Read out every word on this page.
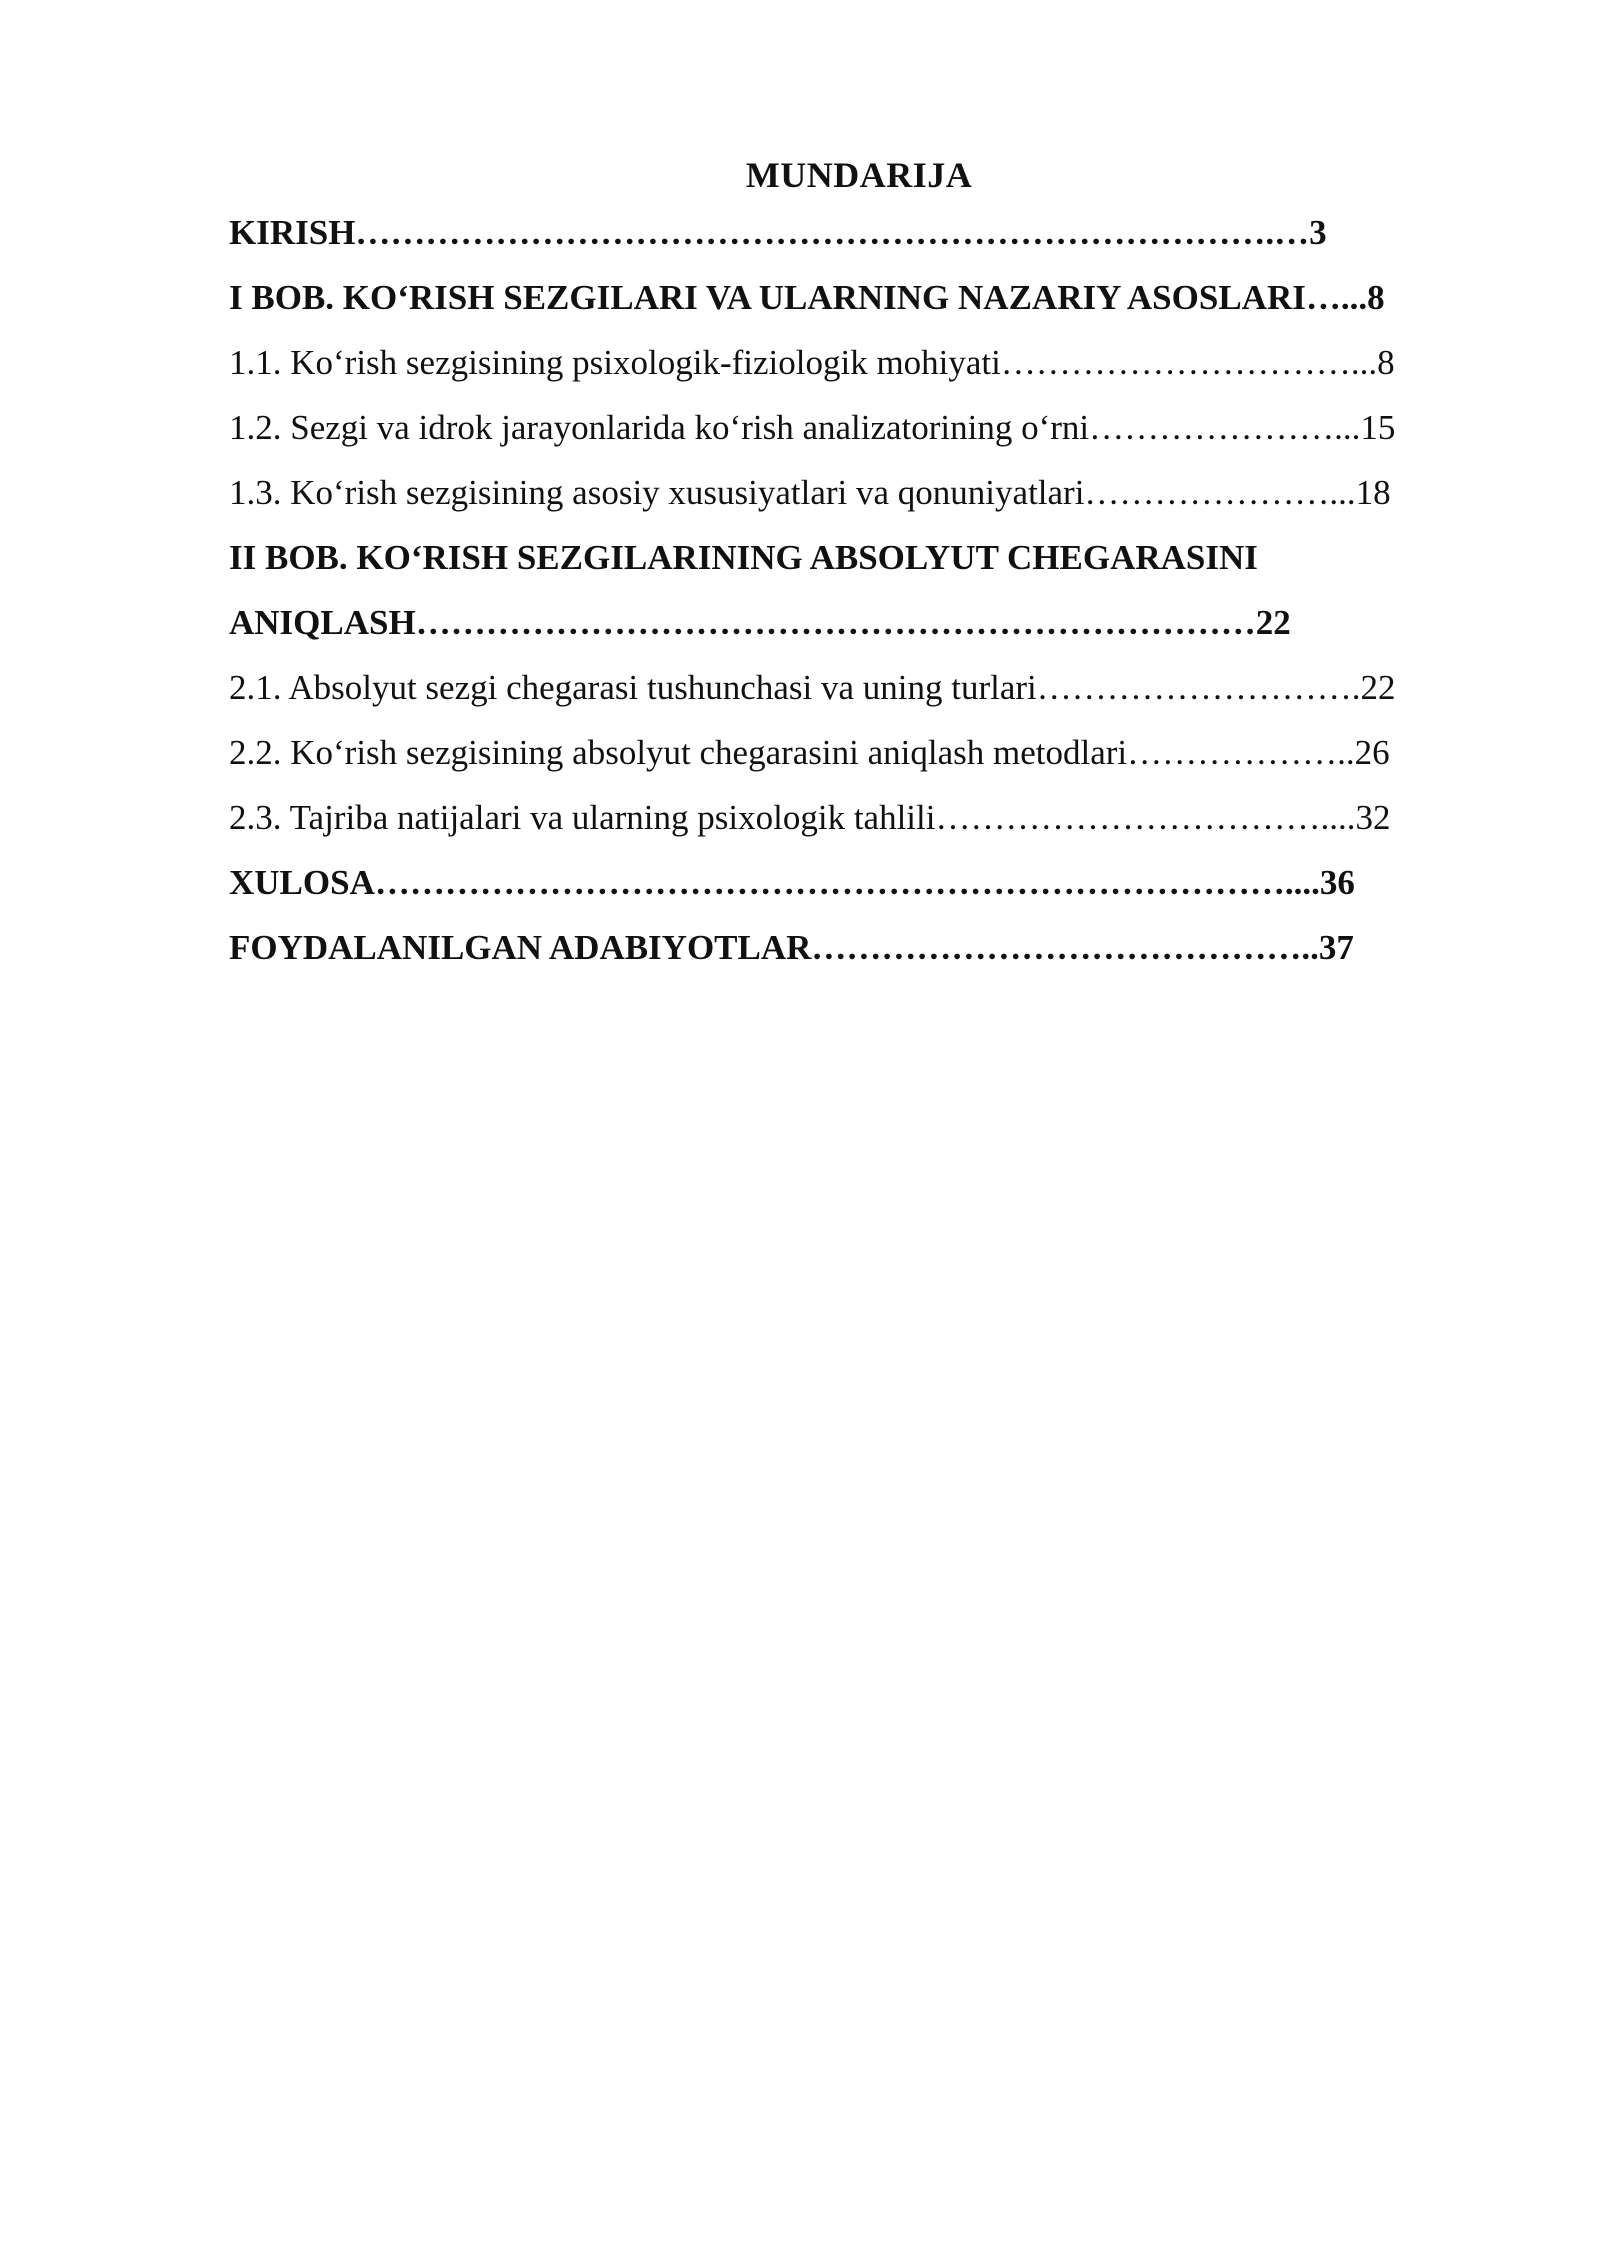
MUNDARIJA
KIRISH…………………………………………………………………….…3
I BOB. KO‘RISH SEZGILARI VA ULARNING NAZARIY ASOSLARI…...8
1.1. Ko‘rish sezgisining psixologik-fiziologik mohiyati…………………………...8
1.2. Sezgi va idrok jarayonlarida ko‘rish analizatorining o‘rni…………………...15
1.3. Ko‘rish sezgisining asosiy xususiyatlari va qonuniyatlari…………………...18
II BOB. KO‘RISH SEZGILARINING ABSOLYUT CHEGARASINI
ANIQLASH………………………………………………………………22
2.1. Absolyut sezgi chegarasi tushunchasi va uning turlari……………………….22
2.2. Ko‘rish sezgisining absolyut chegarasini aniqlash metodlari………………..26
2.3. Tajriba natijalari va ularning psixologik tahlili……………………………....32
XULOSA……………………………………………………………………....36
FOYDALANILGAN ADABIYOTLAR……………………………………..37
